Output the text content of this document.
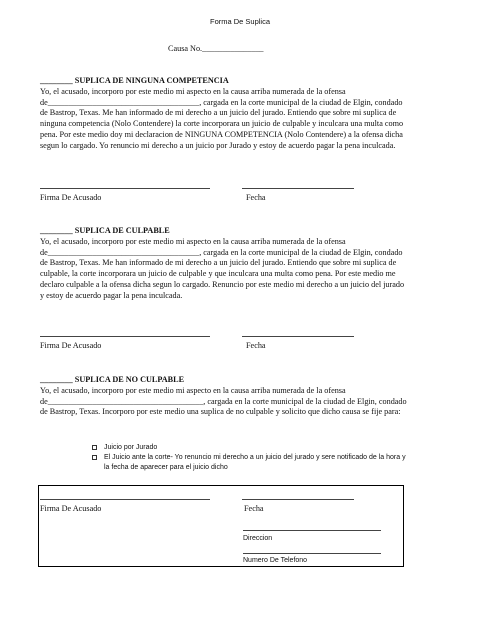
Forma De Suplica
Causa No._______________
________ SUPLICA DE NINGUNA COMPETENCIA
Yo, el acusado, incorporo por este medio mi aspecto en la causa arriba numerada de la ofensa de_____________________________________, cargada en la corte municipal de la ciudad de Elgin, condado de Bastrop, Texas. Me han informado de mi derecho a un juicio del jurado. Entiendo que sobre mi suplica de ninguna competencia (Nolo Contendere) la corte incorporara un juicio de culpable y inculcara una multa como pena. Por este medio doy mi declaracion de NINGUNA COMPETENCIA (Nolo Contendere) a la ofensa dicha segun lo cargado. Yo renuncio mi derecho a un juicio por Jurado y estoy de acuerdo pagar la pena inculcada.
Firma De Acusado	Fecha
________ SUPLICA DE CULPABLE
Yo, el acusado, incorporo por este medio mi aspecto en la causa arriba numerada de la ofensa de_____________________________________, cargada en la corte municipal de la ciudad de Elgin, condado de Bastrop, Texas. Me han informado de mi derecho a un juicio del jurado. Entiendo que sobre mi suplica de culpable, la corte incorporara un juicio de culpable y que inculcara una multa como pena. Por este medio me declaro culpable a la ofensa dicha segun lo cargado. Renuncio por este medio mi derecho a un juicio del jurado y estoy de acuerdo pagar la pena inculcada.
Firma De Acusado	Fecha
________ SUPLICA DE NO CULPABLE
Yo, el acusado, incorporo por este medio mi aspecto en la causa arriba numerada de la ofensa de______________________________________, cargada en la corte municipal de la ciudad de Elgin, condado de Bastrop, Texas. Incorporo por este medio una suplica de no culpable y solicito que dicho causa se fije para:
Juicio por Jurado
El Juicio ante la corte- Yo renuncio mi derecho a un juicio del jurado y sere notificado de la hora y la fecha de aparecer para el juicio dicho
Firma De Acusado	Fecha
Direccion
Numero De Telefono
